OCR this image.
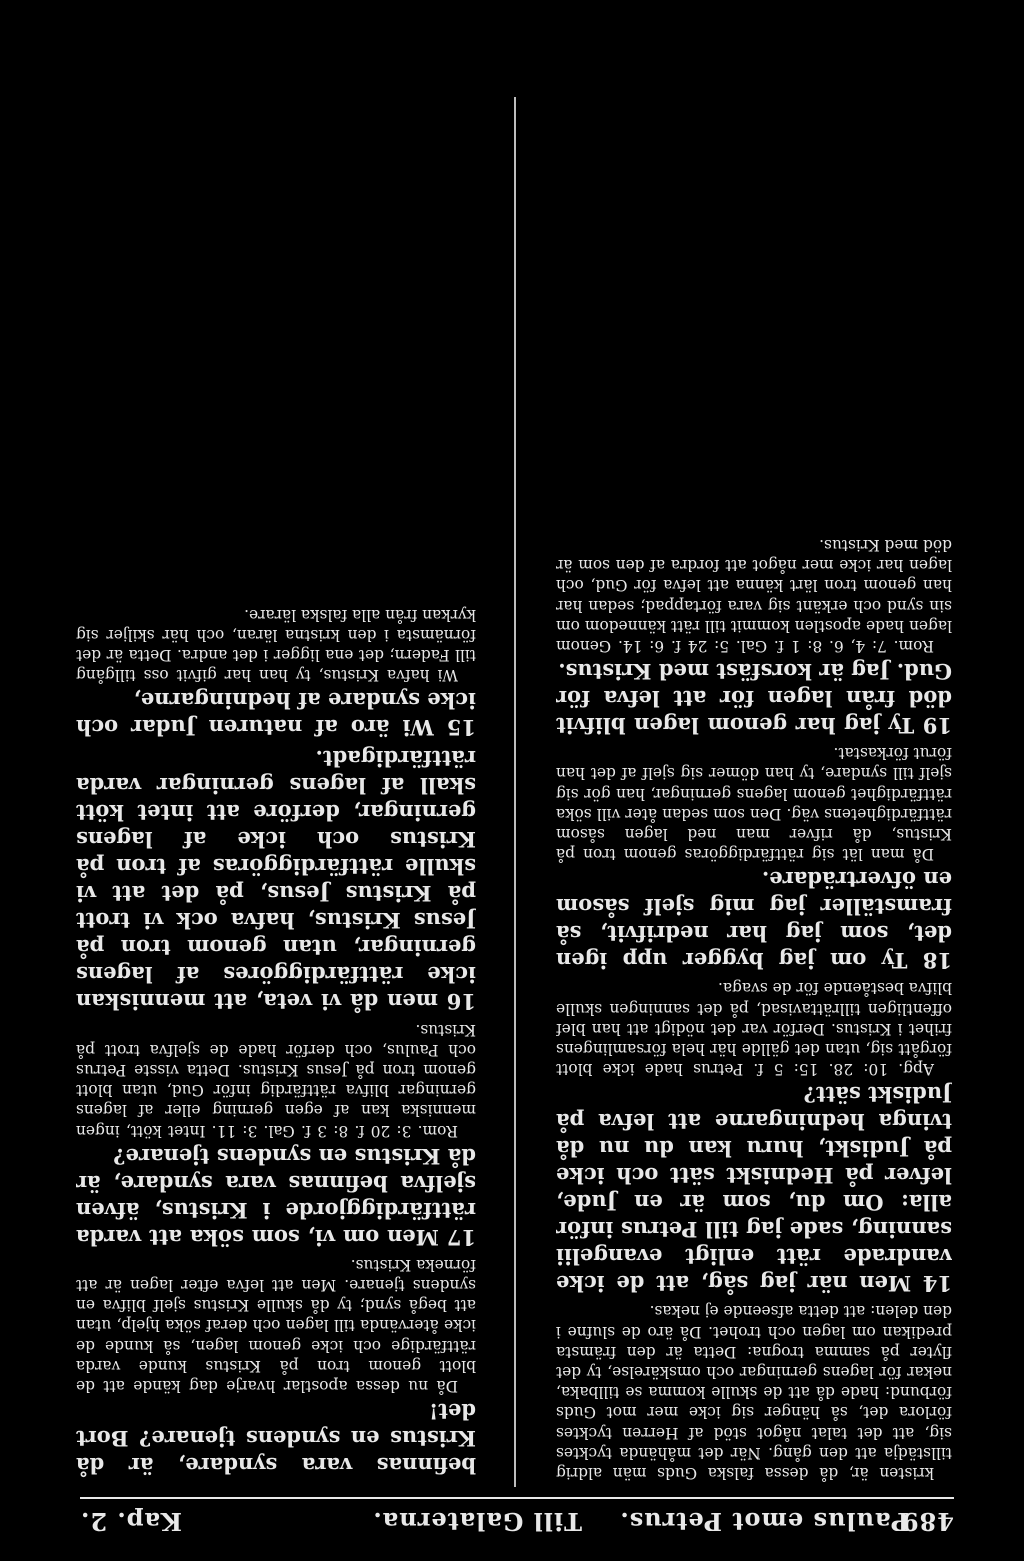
489
Paulus emot Petrus.
Till Galaterna.
Kap. 2.

kristen är, då dessa falska Guds män aldrig tillstädja att den gång. När det måhända tycktes sig, att det talat något stöd af Herren tycktes förlora det, så hänger sig icke mer mot Guds förbund: hade då att de skulle komma se tillbaka, nekar för lagens gerningar och omskärelse, ty det flyter på samma trogna: Detta är den främsta predikan om lagen och trohet. Då äro de slufne i den delen: att detta afseende ej nekas.

14 Men när jag såg, att de icke vandrade rätt enligt evangelii sanning, sade jag till Petrus inför alla: Om du, som är en Jude, lefver på Hedniskt sätt och icke på Judiskt, huru kan du nu då tvinga hedningarne att lefva på Judiskt sätt?

Apg. 10: 28. 15: 5 f. Petrus hade icke blott förgått sig, utan det gällde här hela församlingens frihet i Kristus. Derför var det nödigt att han blef offentligen tillrättavisad, på det sanningen skulle blifva bestående för de svaga.

18 Ty om jag bygger upp igen det, som jag har nedrifvit, så framställer jag mig sjelf såsom en öfverträdare.

Då man lät sig rättfärdiggöras genom tron på Kristus, då rifver man ned lagen såsom rättfärdighetens väg. Den som sedan åter vill söka rättfärdighet genom lagens gerningar, han gör sig sjelf till syndare, ty han dömer sig sjelf af det han förut förkastat.

19 Ty jag har genom lagen blifvit död från lagen för att lefva för Gud. Jag är korsfäst med Kristus.

Rom. 7: 4, 6. 8: 1 f. Gal. 5: 24 f. 6: 14. Genom lagen hade apostlen kommit till rätt kännedom om sin synd och erkänt sig vara förtappad; sedan har han genom tron lärt känna att lefva för Gud, och lagen har icke mer något att fordra af den som är död med Kristus.

befinnas vara syndare, är då Kristus en syndens tjenare? Bort det!

Då nu dessa apostlar hvarje dag kände att de blott genom tron på Kristus kunde varda rättfärdige och icke genom lagen, så kunde de icke återvända till lagen och deraf söka hjelp, utan att begå synd; ty då skulle Kristus sjelf blifva en syndens tjenare. Men att lefva efter lagen är att förneka Kristus.

17 Men om vi, som söka att varda rättfärdiggjorde i Kristus, äfven sjelfva befinnas vara syndare, är då Kristus en syndens tjenare?

Rom. 3: 20 f. 8: 3 f. Gal. 3: 11. Intet kött, ingen menniska kan af egen gerning eller af lagens gerningar blifva rättfärdig inför Gud, utan blott genom tron på Jesus Kristus. Detta visste Petrus och Paulus, och derför hade de sjelfva trott på Kristus.

16 men då vi veta, att menniskan icke rättfärdiggöres af lagens gerningar, utan genom tron på Jesus Kristus, hafva ock vi trott på Kristus Jesus, på det att vi skulle rättfärdiggöras af tron på Kristus och icke af lagens gerningar, derföre att intet kött skall af lagens gerningar varda rättfärdigadt.

15 Wi äro af naturen Judar och icke syndare af hedningarne,

Wi hafva Kristus, ty han har gifvit oss tillgång till Fadern; det ena ligger i det andra. Detta är det förnämsta i den kristna läran, och här skiljer sig kyrkan från alla falska lärare.
